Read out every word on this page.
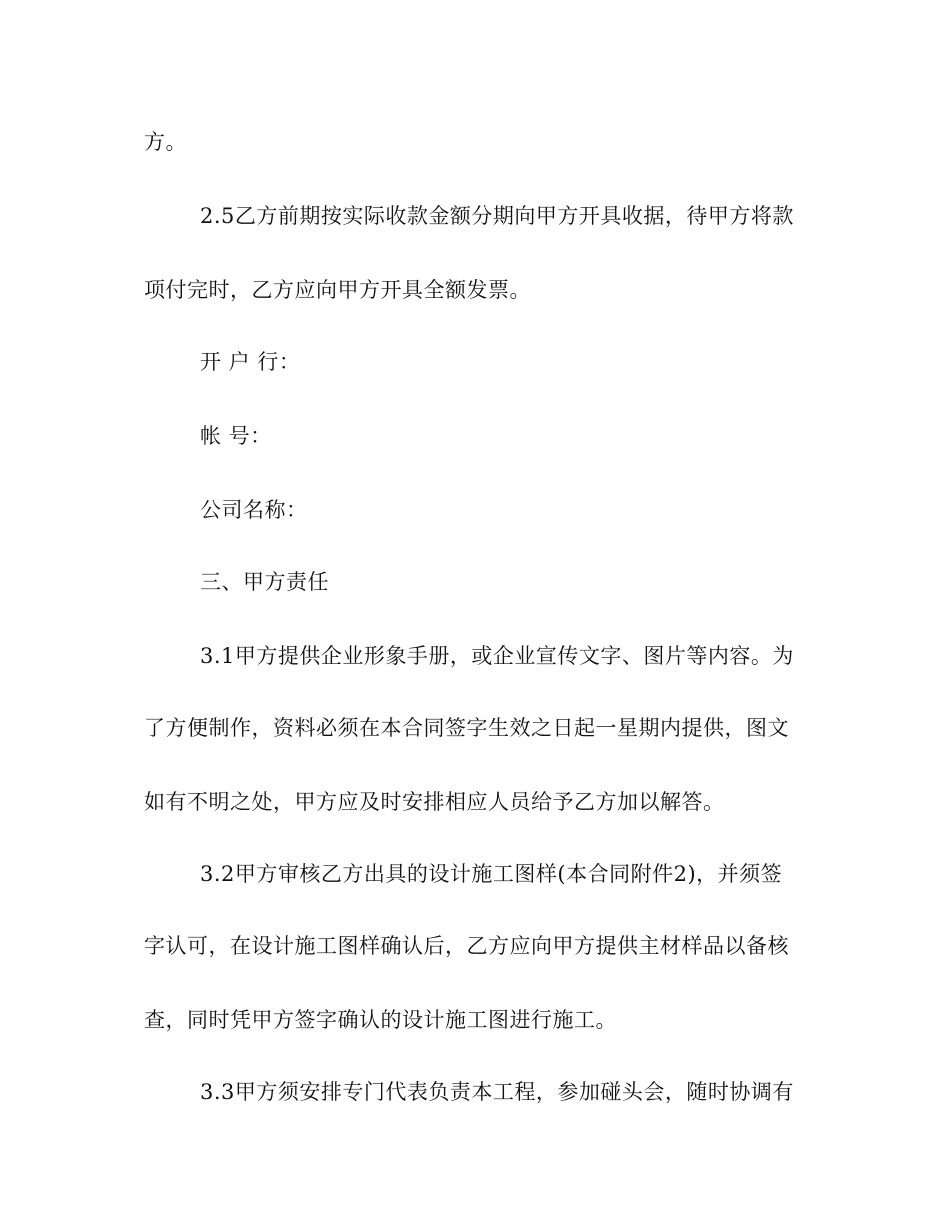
方。
2.5乙方前期按实际收款金额分期向甲方开具收据，待甲方将款
项付完时，乙方应向甲方开具全额发票。
开 户 行：
帐 号：
公司名称：
三、甲方责任
3.1甲方提供企业形象手册，或企业宣传文字、图片等内容。为
了方便制作，资料必须在本合同签字生效之日起一星期内提供，图文
如有不明之处，甲方应及时安排相应人员给予乙方加以解答。
3.2甲方审核乙方出具的设计施工图样(本合同附件2)，并须签
字认可，在设计施工图样确认后，乙方应向甲方提供主材样品以备核
查，同时凭甲方签字确认的设计施工图进行施工。
3.3甲方须安排专门代表负责本工程，参加碰头会，随时协调有
